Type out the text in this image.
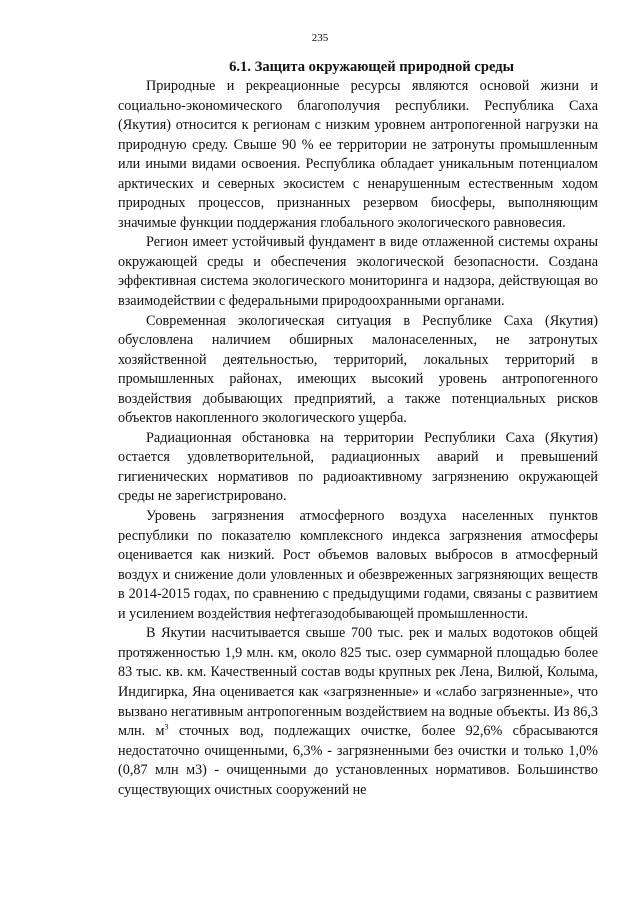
235
6.1. Защита окружающей природной среды

Природные и рекреационные ресурсы являются основой жизни и социально-экономического благополучия республики. Республика Саха (Якутия) относится к регионам с низким уровнем антропогенной нагрузки на природную среду. Свыше 90 % ее территории не затронуты промышленным или иными видами освоения. Республика обладает уникальным потенциалом арктических и северных экосистем с ненарушенным естественным ходом природных процессов, признанных резервом биосферы, выполняющим значимые функции поддержания глобального экологического равновесия.

Регион имеет устойчивый фундамент в виде отлаженной системы охраны окружающей среды и обеспечения экологической безопасности. Создана эффективная система экологического мониторинга и надзора, действующая во взаимодействии с федеральными природоохранными органами.

Современная экологическая ситуация в Республике Саха (Якутия) обусловлена наличием обширных малонаселенных, не затронутых хозяйственной деятельностью, территорий, локальных территорий в промышленных районах, имеющих высокий уровень антропогенного воздействия добывающих предприятий, а также потенциальных рисков объектов накопленного экологического ущерба.

Радиационная обстановка на территории Республики Саха (Якутия) остается удовлетворительной, радиационных аварий и превышений гигиенических нормативов по радиоактивному загрязнению окружающей среды не зарегистрировано.

Уровень загрязнения атмосферного воздуха населенных пунктов республики по показателю комплексного индекса загрязнения атмосферы оценивается как низкий. Рост объемов валовых выбросов в атмосферный воздух и снижение доли уловленных и обезвреженных загрязняющих веществ в 2014-2015 годах, по сравнению с предыдущими годами, связаны с развитием и усилением воздействия нефтегазодобывающей промышленности.

В Якутии насчитывается свыше 700 тыс. рек и малых водотоков общей протяженностью 1,9 млн. км, около 825 тыс. озер суммарной площадью более 83 тыс. кв. км. Качественный состав воды крупных рек Лена, Вилюй, Колыма, Индигирка, Яна оценивается как «загрязненные» и «слабо загрязненные», что вызвано негативным антропогенным воздействием на водные объекты. Из 86,3 млн. $м^3$ сточных вод, подлежащих очистке, более 92,6% сбрасываются недостаточно очищенными, 6,3% - загрязненными без очистки и только 1,0% (0,87 млн м3) - очищенными до установленных нормативов. Большинство существующих очистных сооружений не
